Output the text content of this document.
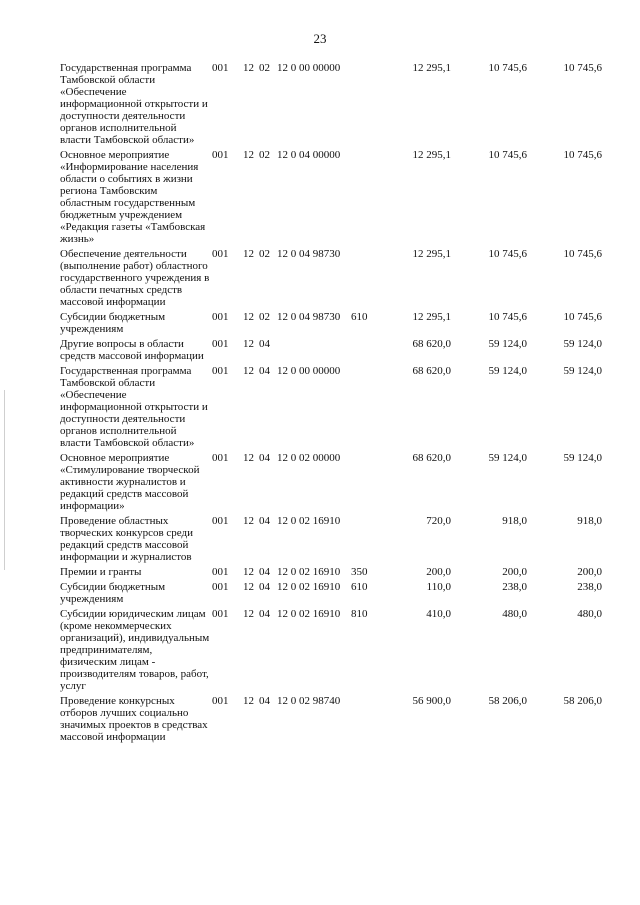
23
Государственная программа Тамбовской области «Обеспечение информационной открытости и доступности деятельности органов исполнительной власти Тамбовской области»	001	12	02	12 0 00 00000		12 295,1	10 745,6	10 745,6
Основное мероприятие «Информирование населения области о событиях в жизни региона Тамбовским областным государственным бюджетным учреждением «Редакция газеты «Тамбовская жизнь»	001	12	02	12 0 04 00000		12 295,1	10 745,6	10 745,6
Обеспечение деятельности (выполнение работ) областного государственного учреждения в области печатных средств массовой информации	001	12	02	12 0 04 98730		12 295,1	10 745,6	10 745,6
Субсидии бюджетным учреждениям	001	12	02	12 0 04 98730	610	12 295,1	10 745,6	10 745,6
Другие вопросы в области средств массовой информации	001	12	04			68 620,0	59 124,0	59 124,0
Государственная программа Тамбовской области «Обеспечение информационной открытости и доступности деятельности органов исполнительной власти Тамбовской области»	001	12	04	12 0 00 00000		68 620,0	59 124,0	59 124,0
Основное мероприятие «Стимулирование творческой активности журналистов и редакций средств массовой информации»	001	12	04	12 0 02 00000		68 620,0	59 124,0	59 124,0
Проведение областных творческих конкурсов среди редакций средств массовой информации и журналистов	001	12	04	12 0 02 16910		720,0	918,0	918,0
Премии и гранты	001	12	04	12 0 02 16910	350	200,0	200,0	200,0
Субсидии бюджетным учреждениям	001	12	04	12 0 02 16910	610	110,0	238,0	238,0
Субсидии юридическим лицам (кроме некоммерческих организаций), индивидуальным предпринимателям, физическим лицам - производителям товаров, работ, услуг	001	12	04	12 0 02 16910	810	410,0	480,0	480,0
Проведение конкурсных отборов лучших социально значимых проектов в средствах массовой информации	001	12	04	12 0 02 98740		56 900,0	58 206,0	58 206,0
